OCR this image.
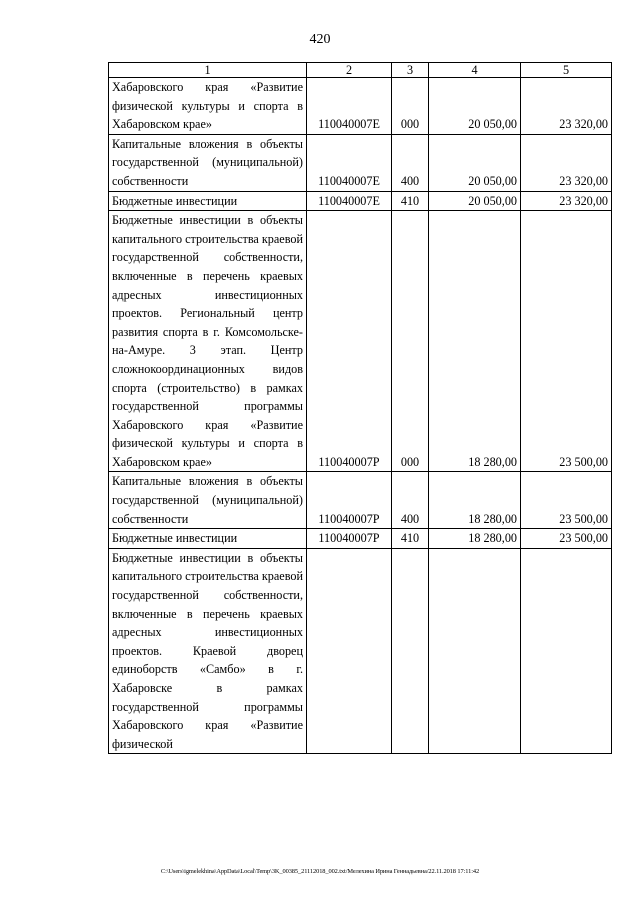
420
1	2	3	4	5
Хабаровского края «Развитие физической культуры и спорта в Хабаровском крае»	110040007Е	000	20 050,00	23 320,00
Капитальные вложения в объекты государственной (муниципальной) собственности	110040007Е	400	20 050,00	23 320,00
Бюджетные инвестиции	110040007Е	410	20 050,00	23 320,00
Бюджетные инвестиции в объекты капитального строительства краевой государственной собственности, включенные в перечень краевых адресных инвестиционных проектов. Региональный центр развития спорта в г. Комсомольске-на-Амуре. 3 этап. Центр сложнокоординационных видов спорта (строительство) в рамках государственной программы Хабаровского края «Развитие физической культуры и спорта в Хабаровском крае»	110040007Р	000	18 280,00	23 500,00
Капитальные вложения в объекты государственной (муниципальной) собственности	110040007Р	400	18 280,00	23 500,00
Бюджетные инвестиции	110040007Р	410	18 280,00	23 500,00
Бюджетные инвестиции в объекты капитального строительства краевой государственной собственности, включенные в перечень краевых адресных инвестиционных проектов. Краевой дворец единоборств «Самбо» в г. Хабаровске в рамках государственной программы Хабаровского края «Развитие физической				
C:\Users\igmelekhina\AppData\Local\Temp\3K_00385_21112018_002.txt/Мелехина Ирина Геннадьевна/22.11.2018 17:11:42
